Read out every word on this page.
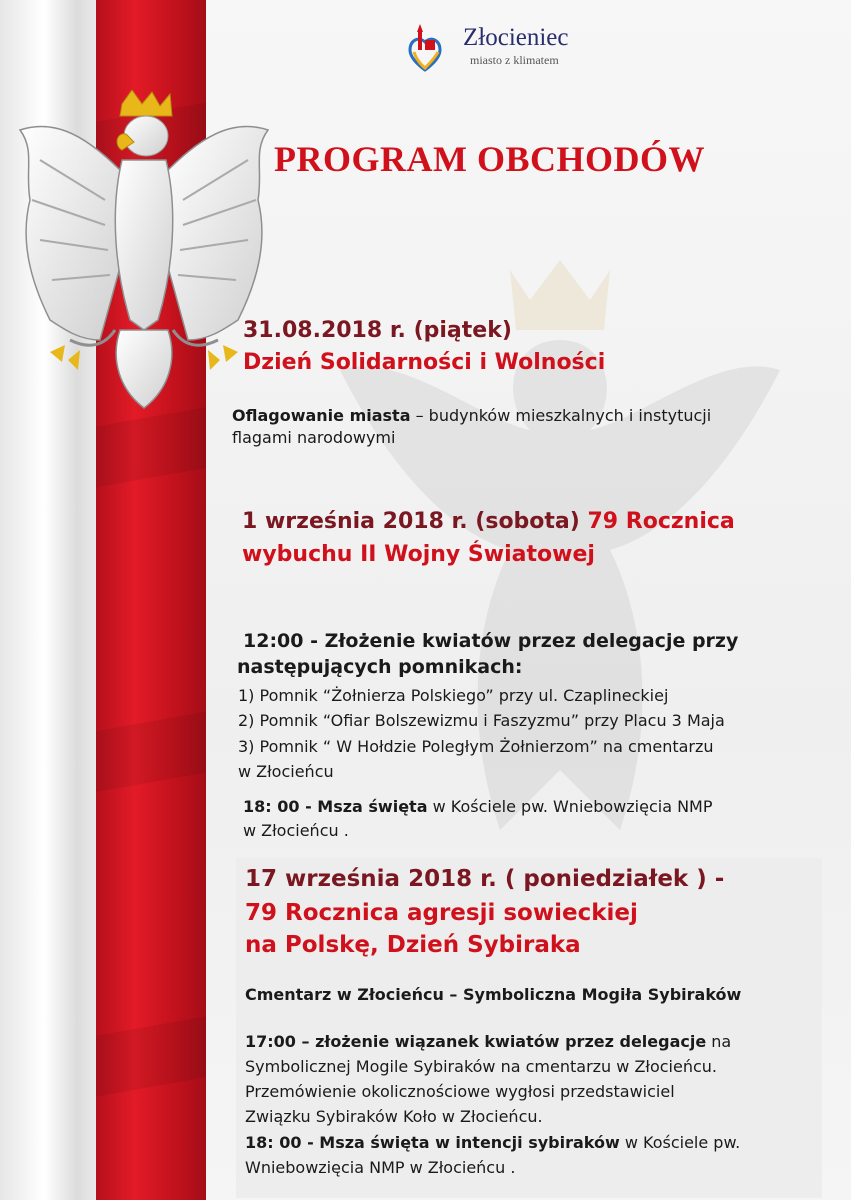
Złocieniec
miasto z klimatem
PROGRAM OBCHODÓW
31.08.2018 r. (piątek)
Dzień Solidarności i Wolności
Oflagowanie miasta – budynków mieszkalnych i instytucji
flagami narodowymi
1 września 2018 r. (sobota) 79 Rocznica
wybuchu II Wojny Światowej
12:00 - Złożenie kwiatów przez delegacje przy
następujących pomnikach:
1) Pomnik “Żołnierza Polskiego” przy ul. Czaplineckiej
2) Pomnik “Ofiar Bolszewizmu i Faszyzmu” przy Placu 3 Maja
3) Pomnik “ W Hołdzie Poległym Żołnierzom” na cmentarzu
w Złocieńcu
18: 00 - Msza święta w Kościele pw. Wniebowzięcia NMP
w Złocieńcu .
17 września 2018 r. ( poniedziałek ) -
79 Rocznica agresji sowieckiej
na Polskę, Dzień Sybiraka
Cmentarz w Złocieńcu – Symboliczna Mogiła Sybiraków
17:00 – złożenie wiązanek kwiatów przez delegacje na
Symbolicznej Mogile Sybiraków na cmentarzu w Złocieńcu.
Przemówienie okolicznościowe wygłosi przedstawiciel
Związku Sybiraków Koło w Złocieńcu.
18: 00 - Msza święta w intencji sybiraków w Kościele pw.
Wniebowzięcia NMP w Złocieńcu .
